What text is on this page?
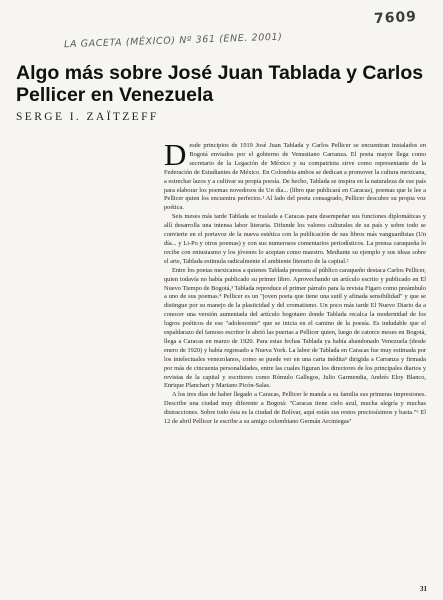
7609
LA GACETA (MÉXICO) Nº 361 (ENE. 2001)
Algo más sobre José Juan Tablada y Carlos Pellicer en Venezuela
SERGE I. ZAÏTZEFF

Desde principios de 1919 José Juan Tablada y Carlos Pellicer se encuentran instalados en Bogotá enviados por el gobierno de Venustiano Carranza. El poeta mayor llega como secretario de la Legación de México y su compatriota sirve como representante de la Federación de Estudiantes de México. En Colombia ambos se dedican a promover la cultura mexicana, a estrechar lazos y a cultivar su propia poesía. De hecho, Tablada se inspira en la naturaleza de ese país para elaborar los poemas novedosos de Un día... (libro que publicará en Caracas), poemas que le lee a Pellicer quien los encuentra perfectos.¹ Al lado del poeta consagrado, Pellicer descubre su propia voz poética.

Seis meses más tarde Tablada se traslada a Caracas para desempeñar sus funciones diplomáticas y allí desarrolla una intensa labor literaria. Difunde los valores culturales de su país y sobre todo se convierte en el portavoz de la nueva estética con la publicación de sus libros más vanguardistas (Un día... y Li-Po y otros poemas) y con sus numerosos comentarios periodísticos. La prensa caraqueña lo recibe con entusiasmo y los jóvenes lo aceptan como maestro. Mediante su ejemplo y sus ideas sobre el arte, Tablada estimula radicalmente el ambiente literario de la capital.²

Entre los poetas mexicanos a quienes Tablada presenta al público caraqueño destaca Carlos Pellicer, quien todavía no había publicado su primer libro. Aprovechando un artículo escrito y publicado en El Nuevo Tiempo de Bogotá,³ Tablada reproduce el primer párrafo para la revista Figaro como preámbulo a uno de sus poemas.⁴ Pellicer es un "joven poeta que tiene una sutil y afinada sensibilidad" y que se distingue por su manejo de la plasticidad y del cromatismo. Un poco más tarde El Nuevo Diario da a conocer una versión aumentada del artículo bogotano donde Tablada recalca la modernidad de los logros poéticos de ese "adolescente" que se inicia en el camino de la poesía. Es indudable que el espaldarazo del famoso escritor le abrió las puertas a Pellicer quien, luego de catorce meses en Bogotá, llega a Caracas en marzo de 1920. Para estas fechas Tablada ya había abandonado Venezuela (desde enero de 1920) y había regresado a Nueva York. La labor de Tablada en Caracas fue muy estimada por los intelectuales venezolanos, como se puede ver en una carta inédita⁵ dirigida a Carranza y firmada por más de cincuenta personalidades, entre las cuales figuran los directores de los principales diarios y revistas de la capital y escritores como Rómulo Gallegos, Julio Garmendia, Andrés Eloy Blanco, Enrique Planchart y Mariano Picón-Salas.

A los tres días de haber llegado a Caracas, Pellicer le manda a su familia sus primeras impresiones. Describe una ciudad muy diferente a Bogotá: "Caracas tiene cielo azul, mucha alegría y muchas distracciones. Sobre todo ésta es la ciudad de Bolívar, aquí están sus restos preciosísimos y basta."⁶ El 12 de abril Pellicer le escribe a su amigo colombiano Germán Arciniegas⁷

31
